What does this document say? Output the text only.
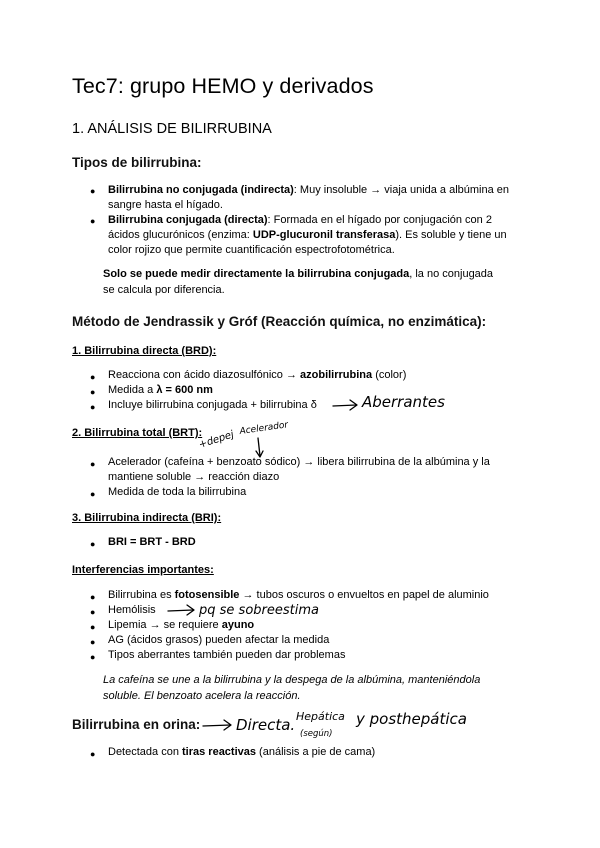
Tec7: grupo HEMO y derivados
1. ANÁLISIS DE BILIRRUBINA
Tipos de bilirrubina:
● Bilirrubina no conjugada (indirecta): Muy insoluble → viaja unida a albúmina en
sangre hasta el hígado.
● Bilirrubina conjugada (directa): Formada en el hígado por conjugación con 2
ácidos glucurónicos (enzima: UDP-glucuronil transferasa). Es soluble y tiene un
color rojizo que permite cuantificación espectrofotométrica.
Solo se puede medir directamente la bilirrubina conjugada, la no conjugada
se calcula por diferencia.
Método de Jendrassik y Gróf (Reacción química, no enzimática):
1. Bilirrubina directa (BRD):
● Reacciona con ácido diazosulfónico → azobilirrubina (color)
● Medida a λ = 600 nm
● Incluye bilirrubina conjugada + bilirrubina δ	Aberrantes
2. Bilirrubina total (BRT):
+depej
Acelerador
● Acelerador (cafeína + benzoato sódico) → libera bilirrubina de la albúmina y la
mantiene soluble → reacción diazo
● Medida de toda la bilirrubina
3. Bilirrubina indirecta (BRI):
● BRI = BRT - BRD
Interferencias importantes:
● Bilirrubina es fotosensible → tubos oscuros o envueltos en papel de aluminio
● Hemólisis	pq se sobreestima
● Lipemia → se requiere ayuno
● AG (ácidos grasos) pueden afectar la medida
● Tipos aberrantes también pueden dar problemas
La cafeína se une a la bilirrubina y la despega de la albúmina, manteniéndola
soluble. El benzoato acelera la reacción.
Bilirrubina en orina: Directa. Hepática
(según)
y posthepática
● Detectada con tiras reactivas (análisis a pie de cama)
